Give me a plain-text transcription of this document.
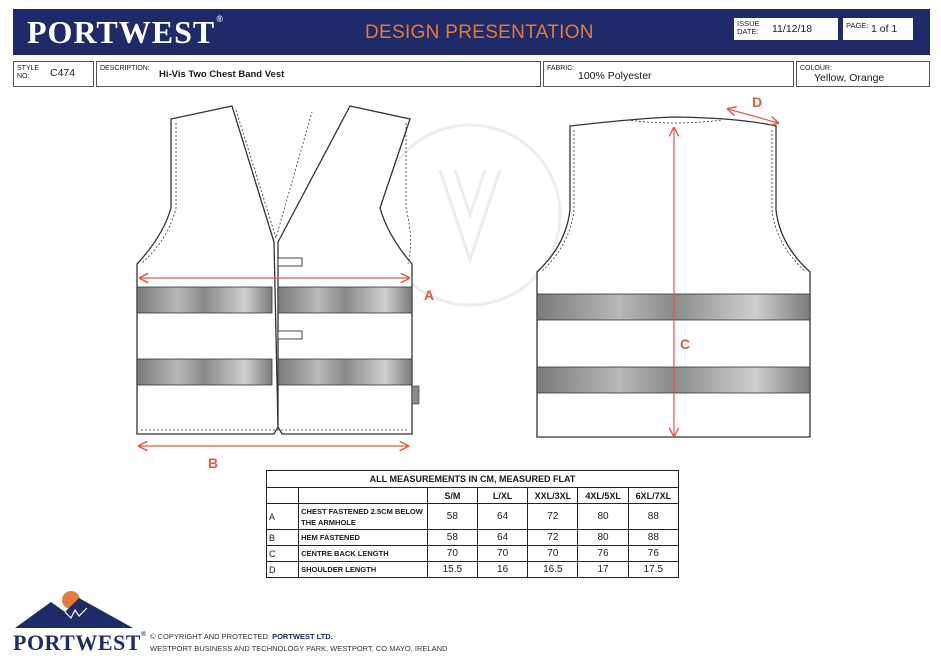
PORTWEST®
DESIGN PRESENTATION	ISSUE DATE:	11/12/18	PAGE: 1 of 1
STYLE NO:	C474	DESCRIPTION:
Hi-Vis Two Chest Band Vest
FABRIC:
100% Polyester
COLOUR:
Yellow, Orange
A
B
C
D
ALL MEASUREMENTS IN CM, MEASURED FLAT						
		S/M	L/XL	XXL/3XL	4XL/5XL	6XL/7XL
A	CHEST FASTENED 2.5CM BELOW THE ARMHOLE	58	64	72	80	88
B	HEM FASTENED	58	64	72	80	88
C	CENTRE BACK LENGTH	70	70	70	76	76
D	SHOULDER LENGTH	15.5	16	16.5	17	17.5
PORTWEST® © COPYRIGHT AND PROTECTED: PORTWEST LTD.
WESTPORT BUSINESS AND TECHNOLOGY PARK, WESTPORT, CO MAYO, IRELAND
